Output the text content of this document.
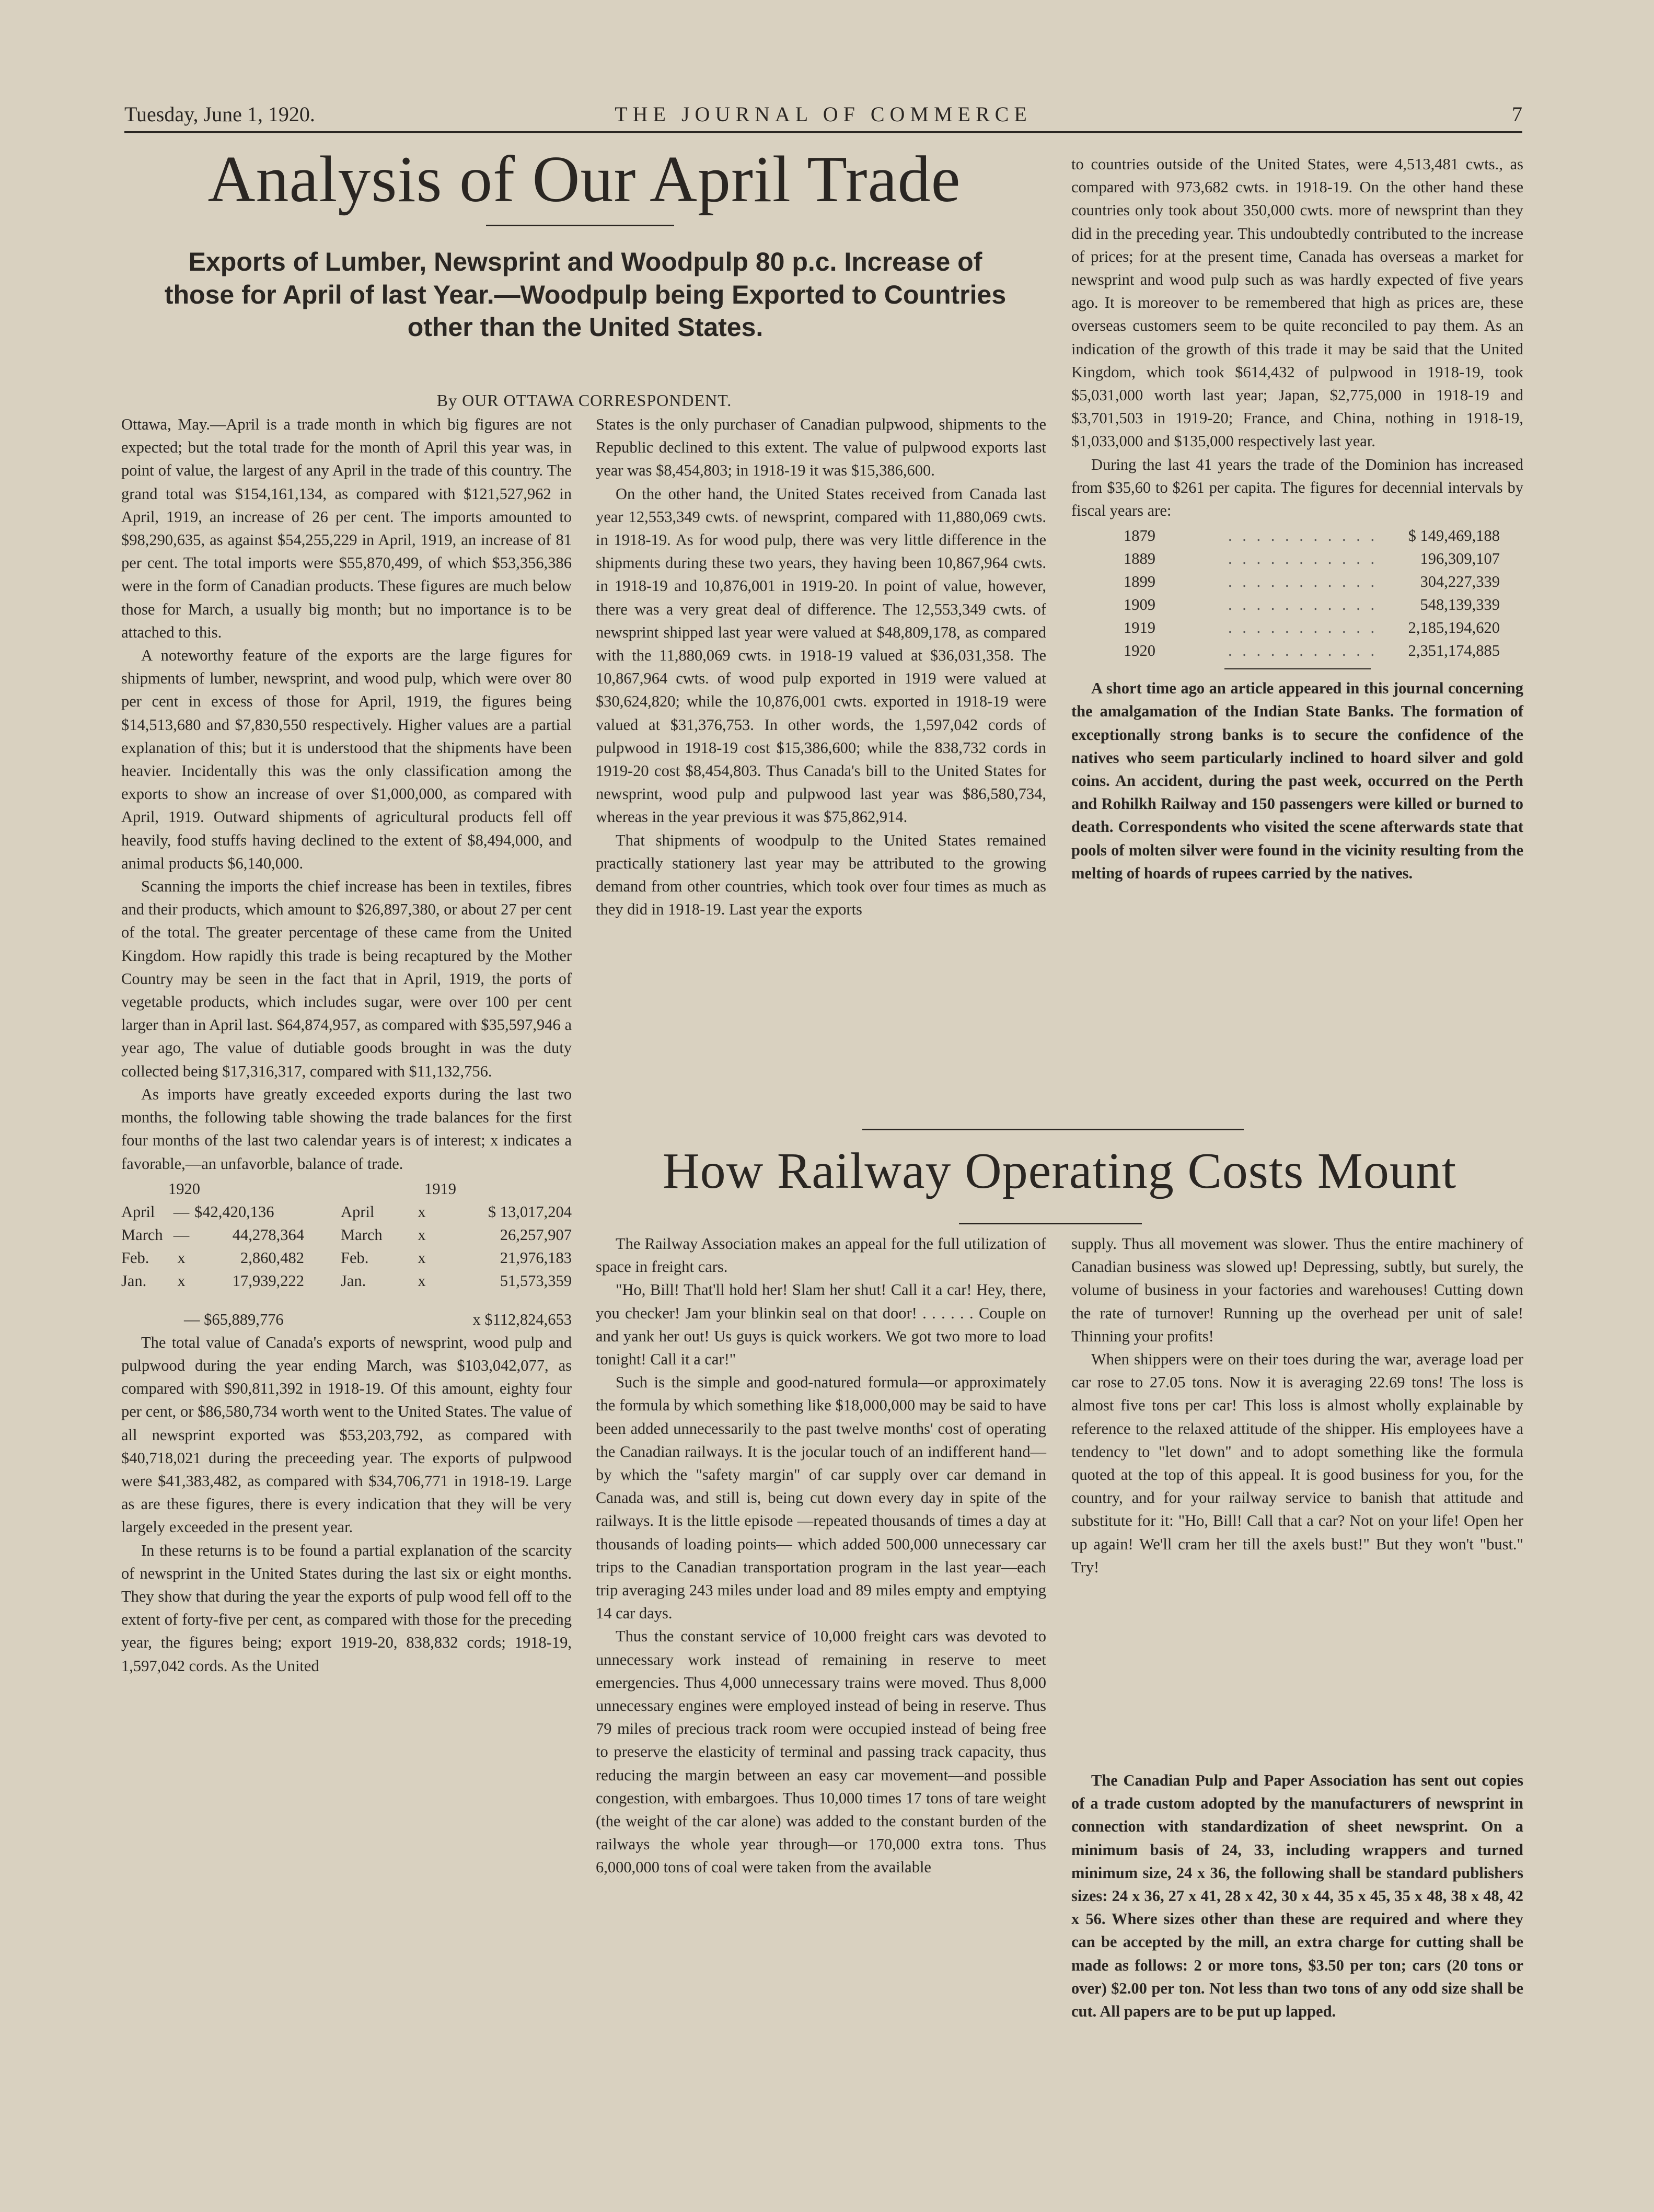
Tuesday, June 1, 1920.	THE JOURNAL OF COMMERCE	7
Analysis of Our April Trade
Exports of Lumber, Newsprint and Woodpulp 80 p.c. Increase of those for April of last Year.—Woodpulp being Exported to Countries other than the United States.
By OUR OTTAWA CORRESPONDENT.

Ottawa, May.—April is a trade month in which big figures are not expected; but the total trade for the month of April this year was, in point of value, the largest of any April in the trade of this country. The grand total was $154,161,134, as compared with $121,527,962 in April, 1919, an increase of 26 per cent. The imports amounted to $98,290,635, as against $54,255,229 in April, 1919, an increase of 81 per cent. The total imports were $55,870,499, of which $53,356,386 were in the form of Canadian products. These figures are much below those for March, a usually big month; but no importance is to be attached to this.

A noteworthy feature of the exports are the large figures for shipments of lumber, newsprint, and wood pulp, which were over 80 per cent in excess of those for April, 1919, the figures being $14,513,680 and $7,830,550 respectively. Higher values are a partial explanation of this; but it is understood that the shipments have been heavier. Incidentally this was the only classification among the exports to show an increase of over $1,000,000, as compared with April, 1919. Outward shipments of agricultural products fell off heavily, food stuffs having declined to the extent of $8,494,000, and animal products $6,140,000.

Scanning the imports the chief increase has been in textiles, fibres and their products, which amount to $26,897,380, or about 27 per cent of the total. The greater percentage of these came from the United Kingdom. How rapidly this trade is being recaptured by the Mother Country may be seen in the fact that in April, 1919, the ports of vegetable products, which includes sugar, were over 100 per cent larger than in April last. $64,874,957, as compared with $35,597,946 a year ago, The value of dutiable goods brought in was the duty collected being $17,316,317, compared with $11,132,756.

As imports have greatly exceeded exports during the last two months, the following table showing the trade balances for the first four months of the last two calendar years is of interest; x indicates a favorable,—an unfavorble, balance of trade.

1920			1919		
April	—	$42,420,136	April	x	$ 13,017,204
March	—	44,278,364	March	x	26,257,907
Feb.	x	2,860,482	Feb.	x	21,976,183
Jan.	x	17,939,222	Jan.	x	51,573,359

— $65,889,776			x $112,824,653		

The total value of Canada's exports of newsprint, wood pulp and pulpwood during the year ending March, was $103,042,077, as compared with $90,811,392 in 1918-19. Of this amount, eighty four per cent, or $86,580,734 worth went to the United States. The value of all newsprint exported was $53,203,792, as compared with $40,718,021 during the preceeding year. The exports of pulpwood were $41,383,482, as compared with $34,706,771 in 1918-19. Large as are these figures, there is every indication that they will be very largely exceeded in the present year.

In these returns is to be found a partial explanation of the scarcity of newsprint in the United States during the last six or eight months. They show that during the year the exports of pulp wood fell off to the extent of forty-five per cent, as compared with those for the preceding year, the figures being; export 1919-20, 838,832 cords; 1918-19, 1,597,042 cords. As the United

States is the only purchaser of Canadian pulpwood, shipments to the Republic declined to this extent. The value of pulpwood exports last year was $8,454,803; in 1918-19 it was $15,386,600.

On the other hand, the United States received from Canada last year 12,553,349 cwts. of newsprint, compared with 11,880,069 cwts. in 1918-19. As for wood pulp, there was very little difference in the shipments during these two years, they having been 10,867,964 cwts. in 1918-19 and 10,876,001 in 1919-20. In point of value, however, there was a very great deal of difference. The 12,553,349 cwts. of newsprint shipped last year were valued at $48,809,178, as compared with the 11,880,069 cwts. in 1918-19 valued at $36,031,358. The 10,867,964 cwts. of wood pulp exported in 1919 were valued at $30,624,820; while the 10,876,001 cwts. exported in 1918-19 were valued at $31,376,753. In other words, the 1,597,042 cords of pulpwood in 1918-19 cost $15,386,600; while the 838,732 cords in 1919-20 cost $8,454,803. Thus Canada's bill to the United States for newsprint, wood pulp and pulpwood last year was $86,580,734, whereas in the year previous it was $75,862,914.

That shipments of woodpulp to the United States remained practically stationery last year may be attributed to the growing demand from other countries, which took over four times as much as they did in 1918-19. Last year the exports

to countries outside of the United States, were 4,513,481 cwts., as compared with 973,682 cwts. in 1918-19. On the other hand these countries only took about 350,000 cwts. more of newsprint than they did in the preceding year. This undoubtedly contributed to the increase of prices; for at the present time, Canada has overseas a market for newsprint and wood pulp such as was hardly expected of five years ago. It is moreover to be remembered that high as prices are, these overseas customers seem to be quite reconciled to pay them. As an indication of the growth of this trade it may be said that the United Kingdom, which took $614,432 of pulpwood in 1918-19, took $5,031,000 worth last year; Japan, $2,775,000 in 1918-19 and $3,701,503 in 1919-20; France, and China, nothing in 1918-19, $1,033,000 and $135,000 respectively last year.

During the last 41 years the trade of the Dominion has increased from $35,60 to $261 per capita. The figures for decennial intervals by fiscal years are:

1879	. . . . . . . . . . .	$ 149,469,188
1889	. . . . . . . . . . .	196,309,107
1899	. . . . . . . . . . .	304,227,339
1909	. . . . . . . . . . .	548,139,339
1919	. . . . . . . . . . .	2,185,194,620
1920	. . . . . . . . . . .	2,351,174,885

A short time ago an article appeared in this journal concerning the amalgamation of the Indian State Banks. The formation of exceptionally strong banks is to secure the confidence of the natives who seem particularly inclined to hoard silver and gold coins. An accident, during the past week, occurred on the Perth and Rohilkh Railway and 150 passengers were killed or burned to death. Correspondents who visited the scene afterwards state that pools of molten silver were found in the vicinity resulting from the melting of hoards of rupees carried by the natives.

How Railway Operating Costs Mount

The Railway Association makes an appeal for the full utilization of space in freight cars.

"Ho, Bill! That'll hold her! Slam her shut! Call it a car! Hey, there, you checker! Jam your blinkin seal on that door! . . . . . . Couple on and yank her out! Us guys is quick workers. We got two more to load tonight! Call it a car!"

Such is the simple and good-natured formula—or approximately the formula by which something like $18,000,000 may be said to have been added unnecessarily to the past twelve months' cost of operating the Canadian railways. It is the jocular touch of an indifferent hand—by which the "safety margin" of car supply over car demand in Canada was, and still is, being cut down every day in spite of the railways. It is the little episode —repeated thousands of times a day at thousands of loading points— which added 500,000 unnecessary car trips to the Canadian transportation program in the last year—each trip averaging 243 miles under load and 89 miles empty and emptying 14 car days.

Thus the constant service of 10,000 freight cars was devoted to unnecessary work instead of remaining in reserve to meet emergencies. Thus 4,000 unnecessary trains were moved. Thus 8,000 unnecessary engines were employed instead of being in reserve. Thus 79 miles of precious track room were occupied instead of being free to preserve the elasticity of terminal and passing track capacity, thus reducing the margin between an easy car movement—and possible congestion, with embargoes. Thus 10,000 times 17 tons of tare weight (the weight of the car alone) was added to the constant burden of the railways the whole year through—or 170,000 extra tons. Thus 6,000,000 tons of coal were taken from the available

supply. Thus all movement was slower. Thus the entire machinery of Canadian business was slowed up! Depressing, subtly, but surely, the volume of business in your factories and warehouses! Cutting down the rate of turnover! Running up the overhead per unit of sale! Thinning your profits!

When shippers were on their toes during the war, average load per car rose to 27.05 tons. Now it is averaging 22.69 tons! The loss is almost five tons per car! This loss is almost wholly explainable by reference to the relaxed attitude of the shipper. His employees have a tendency to "let down" and to adopt something like the formula quoted at the top of this appeal. It is good business for you, for the country, and for your railway service to banish that attitude and substitute for it: "Ho, Bill! Call that a car? Not on your life! Open her up again! We'll cram her till the axels bust!" But they won't "bust." Try!

The Canadian Pulp and Paper Association has sent out copies of a trade custom adopted by the manufacturers of newsprint in connection with standardization of sheet newsprint. On a minimum basis of 24, 33, including wrappers and turned minimum size, 24 x 36, the following shall be standard publishers sizes: 24 x 36, 27 x 41, 28 x 42, 30 x 44, 35 x 45, 35 x 48, 38 x 48, 42 x 56. Where sizes other than these are required and where they can be accepted by the mill, an extra charge for cutting shall be made as follows: 2 or more tons, $3.50 per ton; cars (20 tons or over) $2.00 per ton. Not less than two tons of any odd size shall be cut. All papers are to be put up lapped.
